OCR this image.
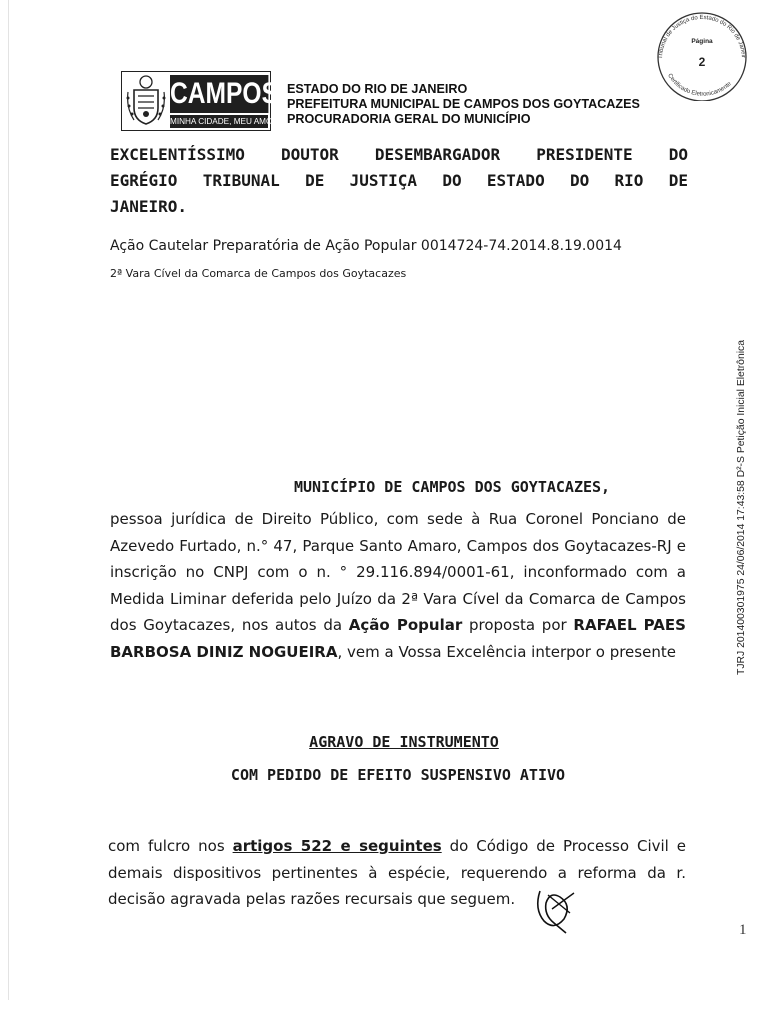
CAMPOS
MINHA CIDADE, MEU AMOR.
ESTADO DO RIO DE JANEIRO
PREFEITURA MUNICIPAL DE CAMPOS DOS GOYTACAZES
PROCURADORIA GERAL DO MUNICÍPIO
Tribunal de Justiça do Estado do Rio de Janeir
Página
2
Certificado Eletronicamente
EXCELENTÍSSIMO DOUTOR DESEMBARGADOR PRESIDENTE DO
EGRÉGIO TRIBUNAL DE JUSTIÇA DO ESTADO DO RIO DE
JANEIRO.
Ação Cautelar Preparatória de Ação Popular 0014724-74.2014.8.19.0014
2ª Vara Cível da Comarca de Campos dos Goytacazes
TJRJ 201400301975 24/06/2014 17:43:58 D²-S Petição Inicial Eletrônica
MUNICÍPIO DE CAMPOS DOS GOYTACAZES,
pessoa jurídica de Direito Público, com sede à Rua Coronel Ponciano de Azevedo Furtado, n.° 47, Parque Santo Amaro, Campos dos Goytacazes-RJ e inscrição no CNPJ com o n. ° 29.116.894/0001-61, inconformado com a Medida Liminar deferida pelo Juízo da 2ª Vara Cível da Comarca de Campos dos Goytacazes, nos autos da Ação Popular proposta por RAFAEL PAES BARBOSA DINIZ NOGUEIRA, vem a Vossa Excelência interpor o presente
AGRAVO DE INSTRUMENTO
COM PEDIDO DE EFEITO SUSPENSIVO ATIVO
com fulcro nos artigos 522 e seguintes do Código de Processo Civil e demais dispositivos pertinentes à espécie, requerendo a reforma da r. decisão agravada pelas razões recursais que seguem.
1
